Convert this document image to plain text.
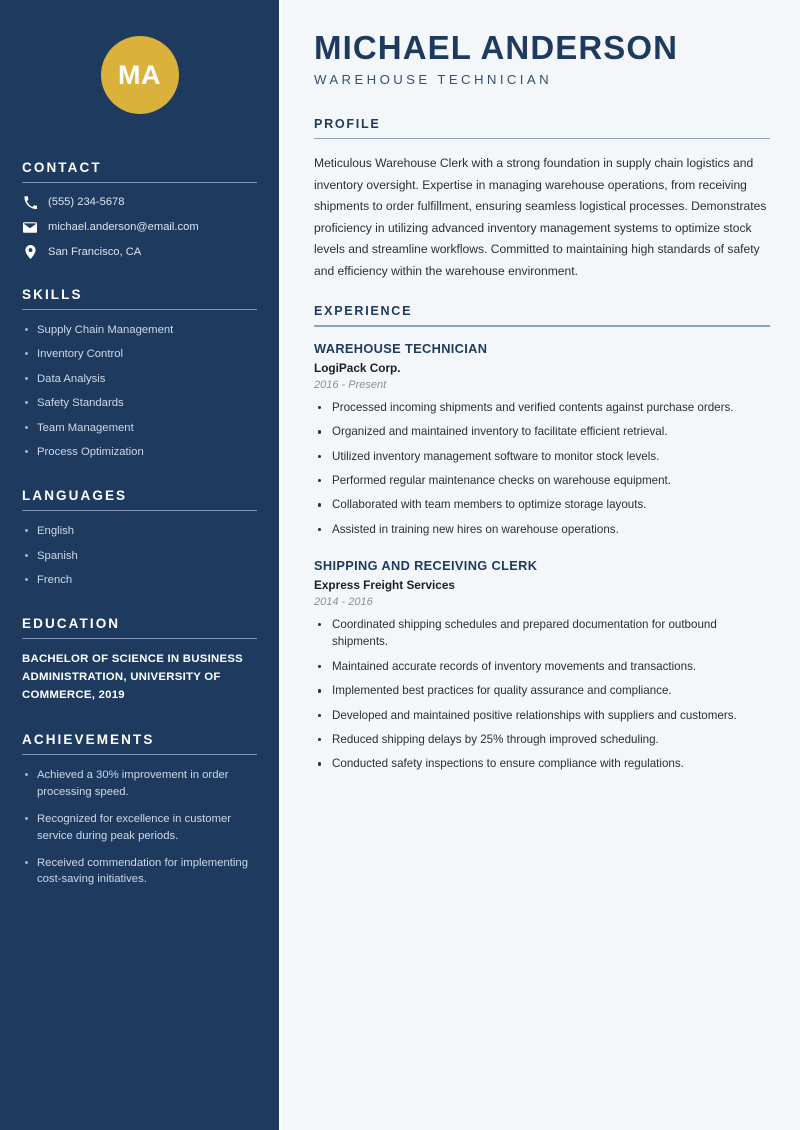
MA
CONTACT
(555) 234-5678
michael.anderson@email.com
San Francisco, CA
SKILLS
Supply Chain Management
Inventory Control
Data Analysis
Safety Standards
Team Management
Process Optimization
LANGUAGES
English
Spanish
French
EDUCATION
BACHELOR OF SCIENCE IN BUSINESS ADMINISTRATION, UNIVERSITY OF COMMERCE, 2019
ACHIEVEMENTS
Achieved a 30% improvement in order processing speed.
Recognized for excellence in customer service during peak periods.
Received commendation for implementing cost-saving initiatives.
MICHAEL ANDERSON
WAREHOUSE TECHNICIAN
PROFILE

Meticulous Warehouse Clerk with a strong foundation in supply chain logistics and inventory oversight. Expertise in managing warehouse operations, from receiving shipments to order fulfillment, ensuring seamless logistical processes. Demonstrates proficiency in utilizing advanced inventory management systems to optimize stock levels and streamline workflows. Committed to maintaining high standards of safety and efficiency within the warehouse environment.

EXPERIENCE
WAREHOUSE TECHNICIAN
LogiPack Corp.
2016 - Present
Processed incoming shipments and verified contents against purchase orders.
Organized and maintained inventory to facilitate efficient retrieval.
Utilized inventory management software to monitor stock levels.
Performed regular maintenance checks on warehouse equipment.
Collaborated with team members to optimize storage layouts.
Assisted in training new hires on warehouse operations.
SHIPPING AND RECEIVING CLERK
Express Freight Services
2014 - 2016
Coordinated shipping schedules and prepared documentation for outbound shipments.
Maintained accurate records of inventory movements and transactions.
Implemented best practices for quality assurance and compliance.
Developed and maintained positive relationships with suppliers and customers.
Reduced shipping delays by 25% through improved scheduling.
Conducted safety inspections to ensure compliance with regulations.
